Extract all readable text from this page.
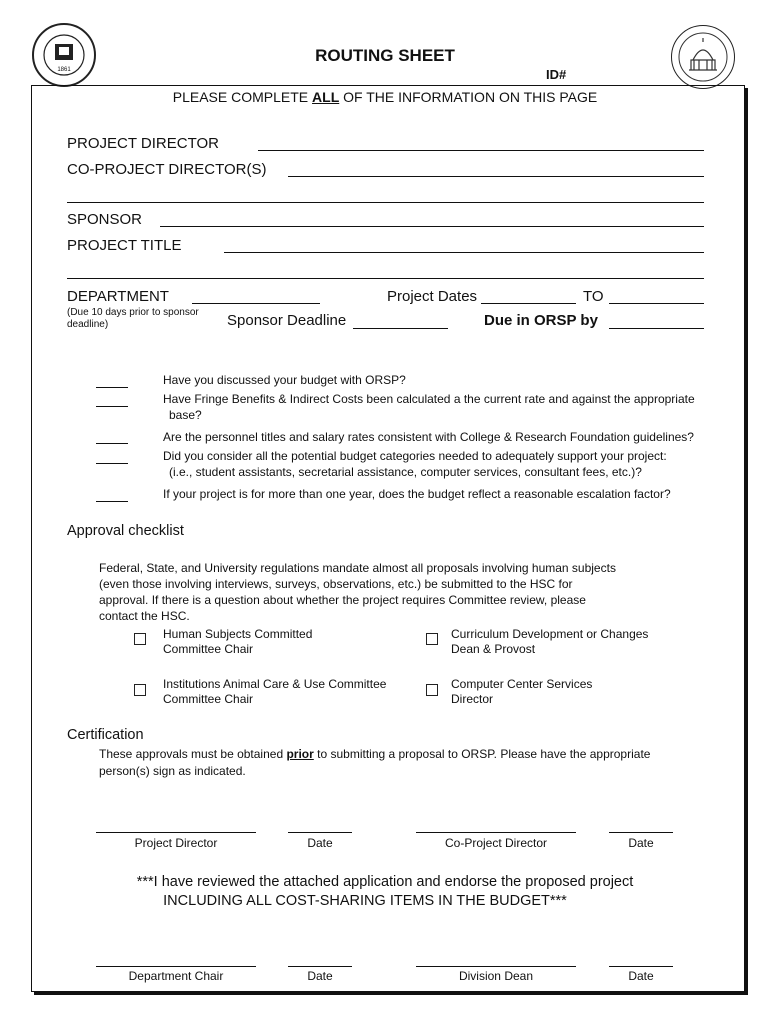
1861
ROUTING SHEET
ID#
PLEASE COMPLETE ALL OF THE INFORMATION ON THIS PAGE
PROJECT DIRECTOR
CO-PROJECT DIRECTOR(S)
SPONSOR
PROJECT TITLE
DEPARTMENT	Project Dates	TO
(Due 10 days prior to sponsor deadline)	Sponsor Deadline	Due in ORSP by
Have you discussed your budget with ORSP?
Have Fringe Benefits & Indirect Costs been calculated a the current rate and against the appropriate
base?
Are the personnel titles and salary rates consistent with College & Research Foundation guidelines?
Did you consider all the potential budget categories needed to adequately support your project:
(i.e., student assistants, secretarial assistance, computer services, consultant fees, etc.)?
If your project is for more than one year, does the budget reflect a reasonable escalation factor?
Approval checklist
Federal, State, and University regulations mandate almost all proposals involving human subjects
(even those involving interviews, surveys, observations, etc.) be submitted to the HSC for
approval. If there is a question about whether the project requires Committee review, please
contact the HSC.
Human Subjects Committed
Committee Chair
Curriculum Development or Changes
Dean & Provost
Institutions Animal Care & Use Committee
Committee Chair
Computer Center Services
Director
Certification
These approvals must be obtained prior to submitting a proposal to ORSP. Please have the appropriate
person(s) sign as indicated.
Project Director	Date	Co-Project Director	Date
***I have reviewed the attached application and endorse the proposed project
INCLUDING ALL COST-SHARING ITEMS IN THE BUDGET***
Department Chair	Date	Division Dean	Date
